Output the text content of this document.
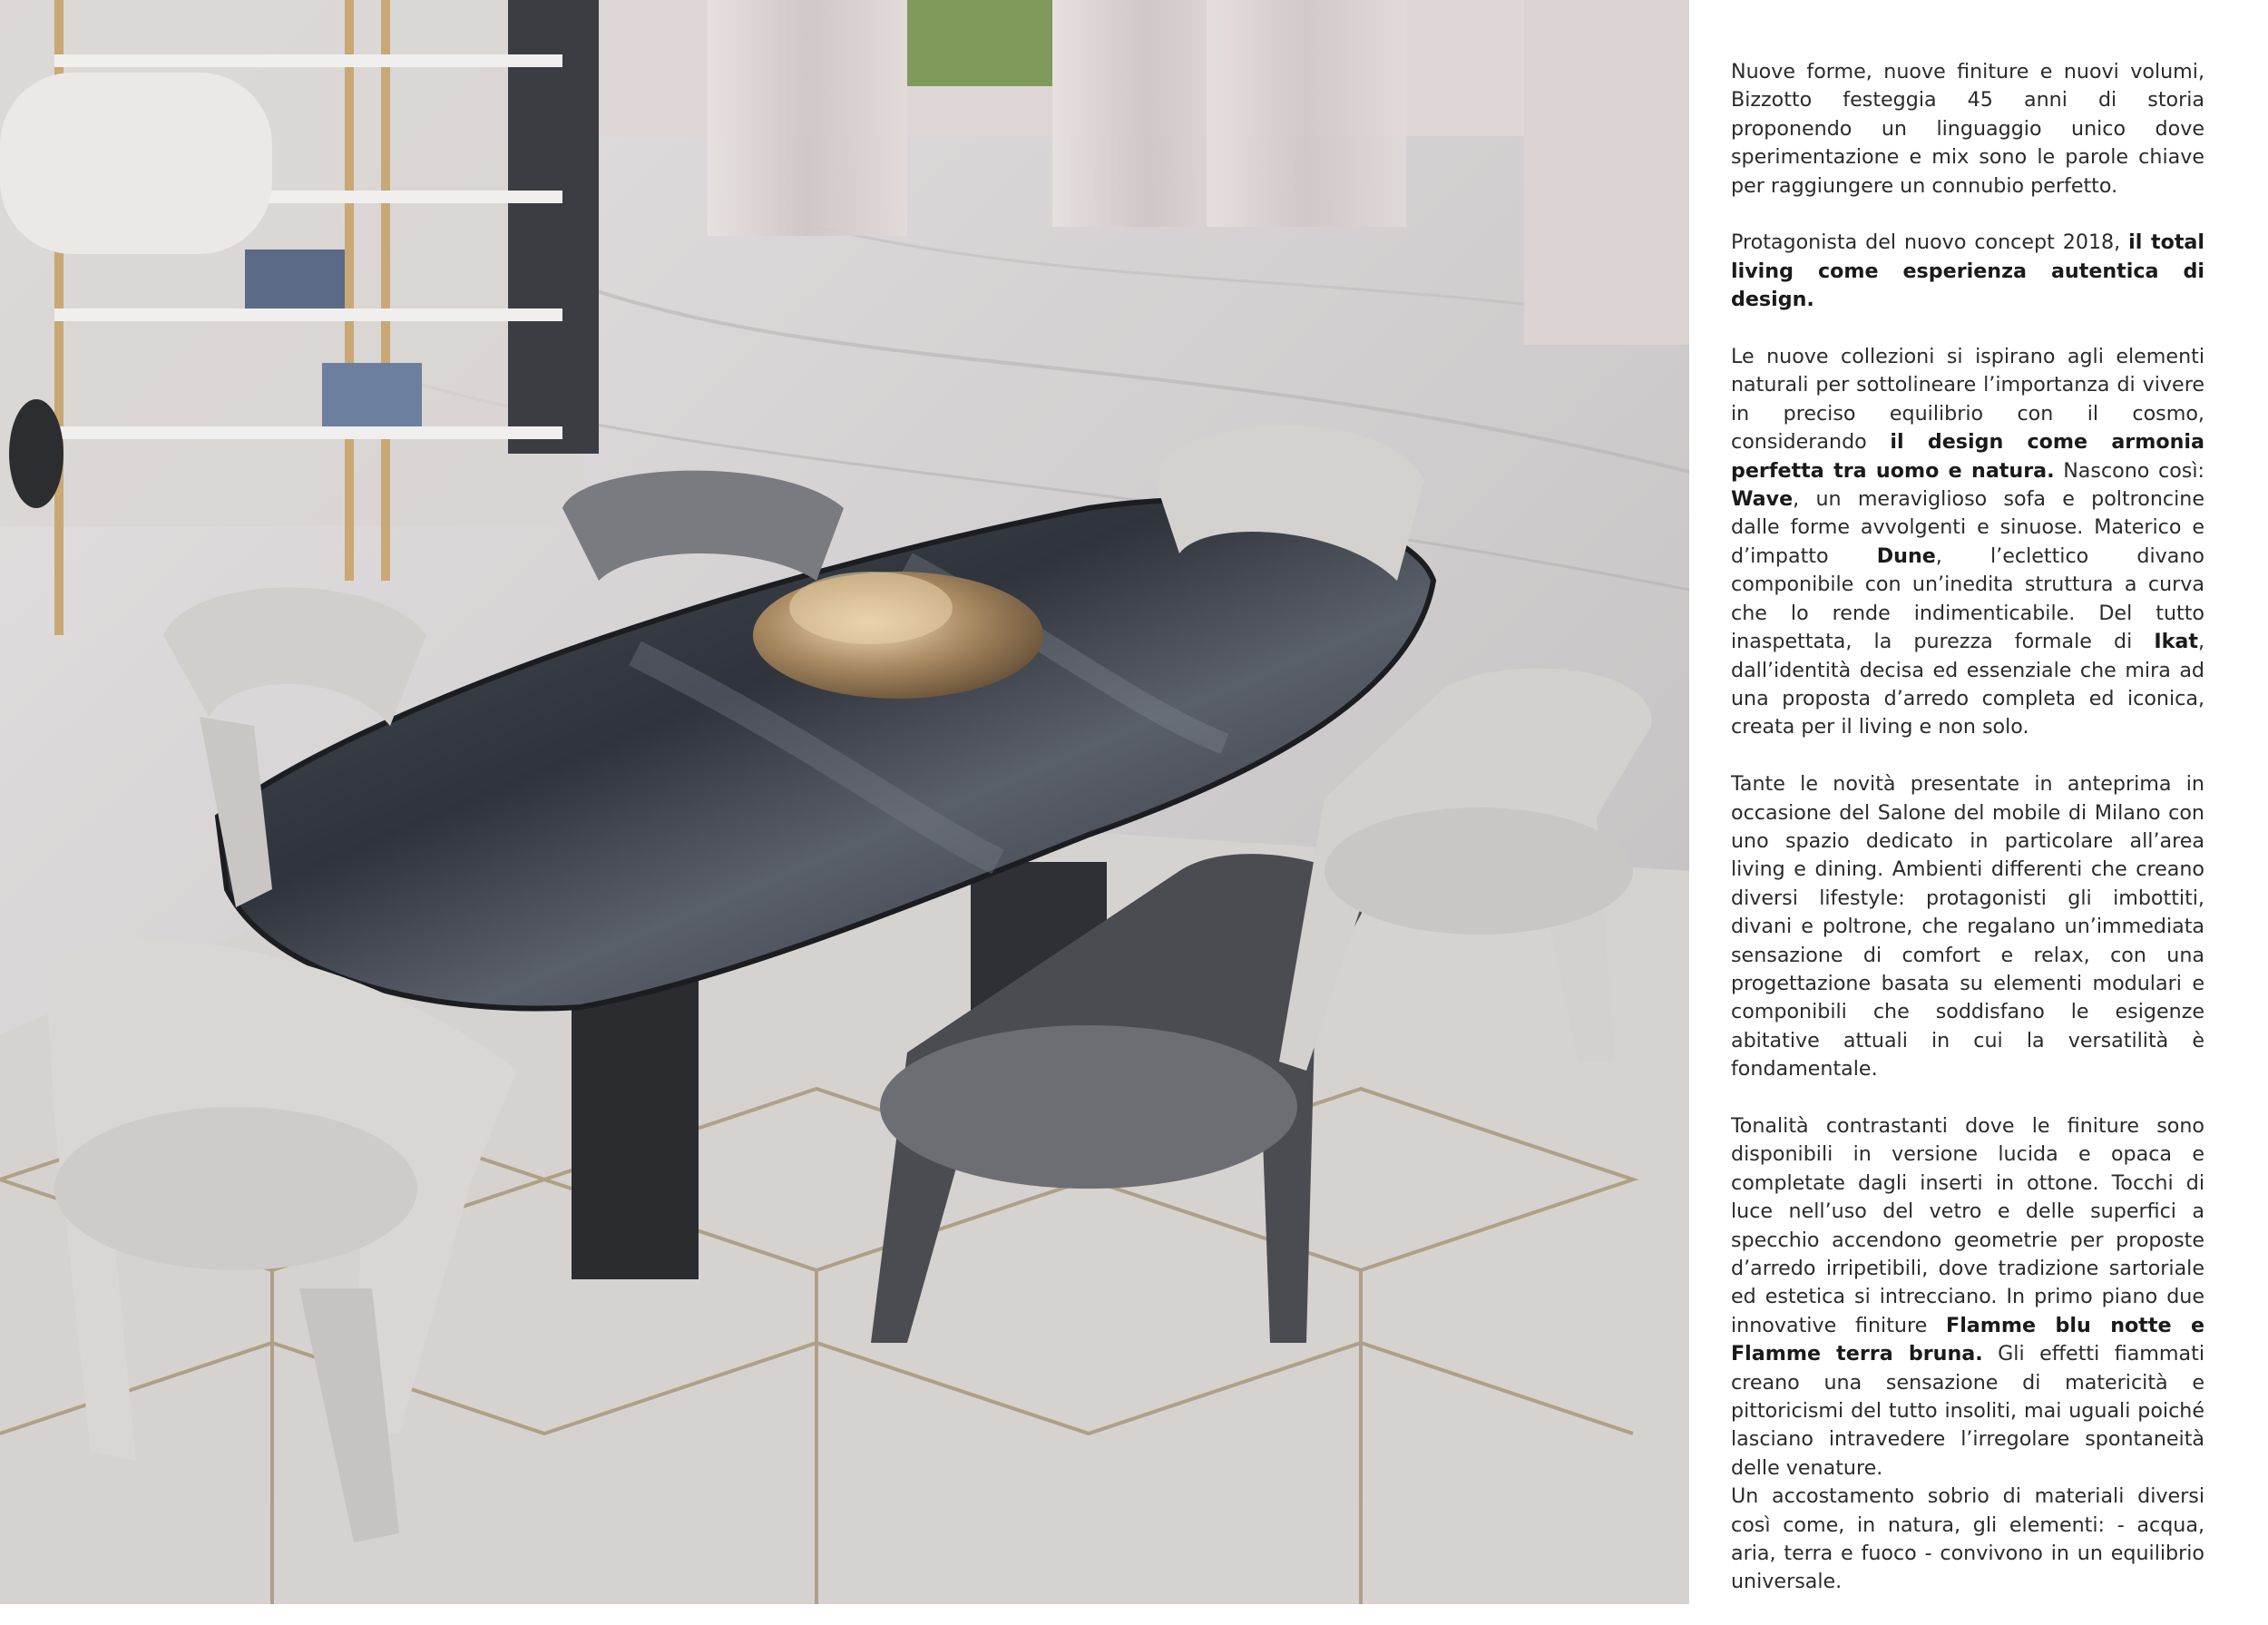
Nuove forme, nuove finiture e nuovi volumi, Bizzotto festeggia 45 anni di storia proponendo un linguaggio unico dove sperimentazione e mix sono le parole chiave per raggiungere un connubio perfetto.

Protagonista del nuovo concept 2018, il total living come esperienza autentica di design.

Le nuove collezioni si ispirano agli elementi naturali per sottolineare l’importanza di vivere in preciso equilibrio con il cosmo, considerando il design come armonia perfetta tra uomo e natura. Nascono così: Wave, un meraviglioso sofa e poltroncine dalle forme avvolgenti e sinuose. Materico e d’impatto Dune, l’eclettico divano componibile con un’inedita struttura a curva che lo rende indimenticabile. Del tutto inaspettata, la purezza formale di Ikat, dall’identità decisa ed essenziale che mira ad una proposta d’arredo completa ed iconica, creata per il living e non solo.

Tante le novità presentate in anteprima in occasione del Salone del mobile di Milano con uno spazio dedicato in particolare all’area living e dining. Ambienti differenti che creano diversi lifestyle: protagonisti gli imbottiti, divani e poltrone, che regalano un’immediata sensazione di comfort e relax, con una progettazione basata su elementi modulari e componibili che soddisfano le esigenze abitative attuali in cui la versatilità è fondamentale.

Tonalità contrastanti dove le finiture sono disponibili in versione lucida e opaca e completate dagli inserti in ottone. Tocchi di luce nell’uso del vetro e delle superfici a specchio accendono geometrie per proposte d’arredo irripetibili, dove tradizione sartoriale ed estetica si intrecciano. In primo piano due innovative finiture Flamme blu notte e Flamme terra bruna. Gli effetti fiammati creano una sensazione di matericità e pittoricismi del tutto insoliti, mai uguali poiché lasciano intravedere l’irregolare spontaneità delle venature.

Un accostamento sobrio di materiali diversi così come, in natura, gli elementi: - acqua, aria, terra e fuoco - convivono in un equilibrio universale.
